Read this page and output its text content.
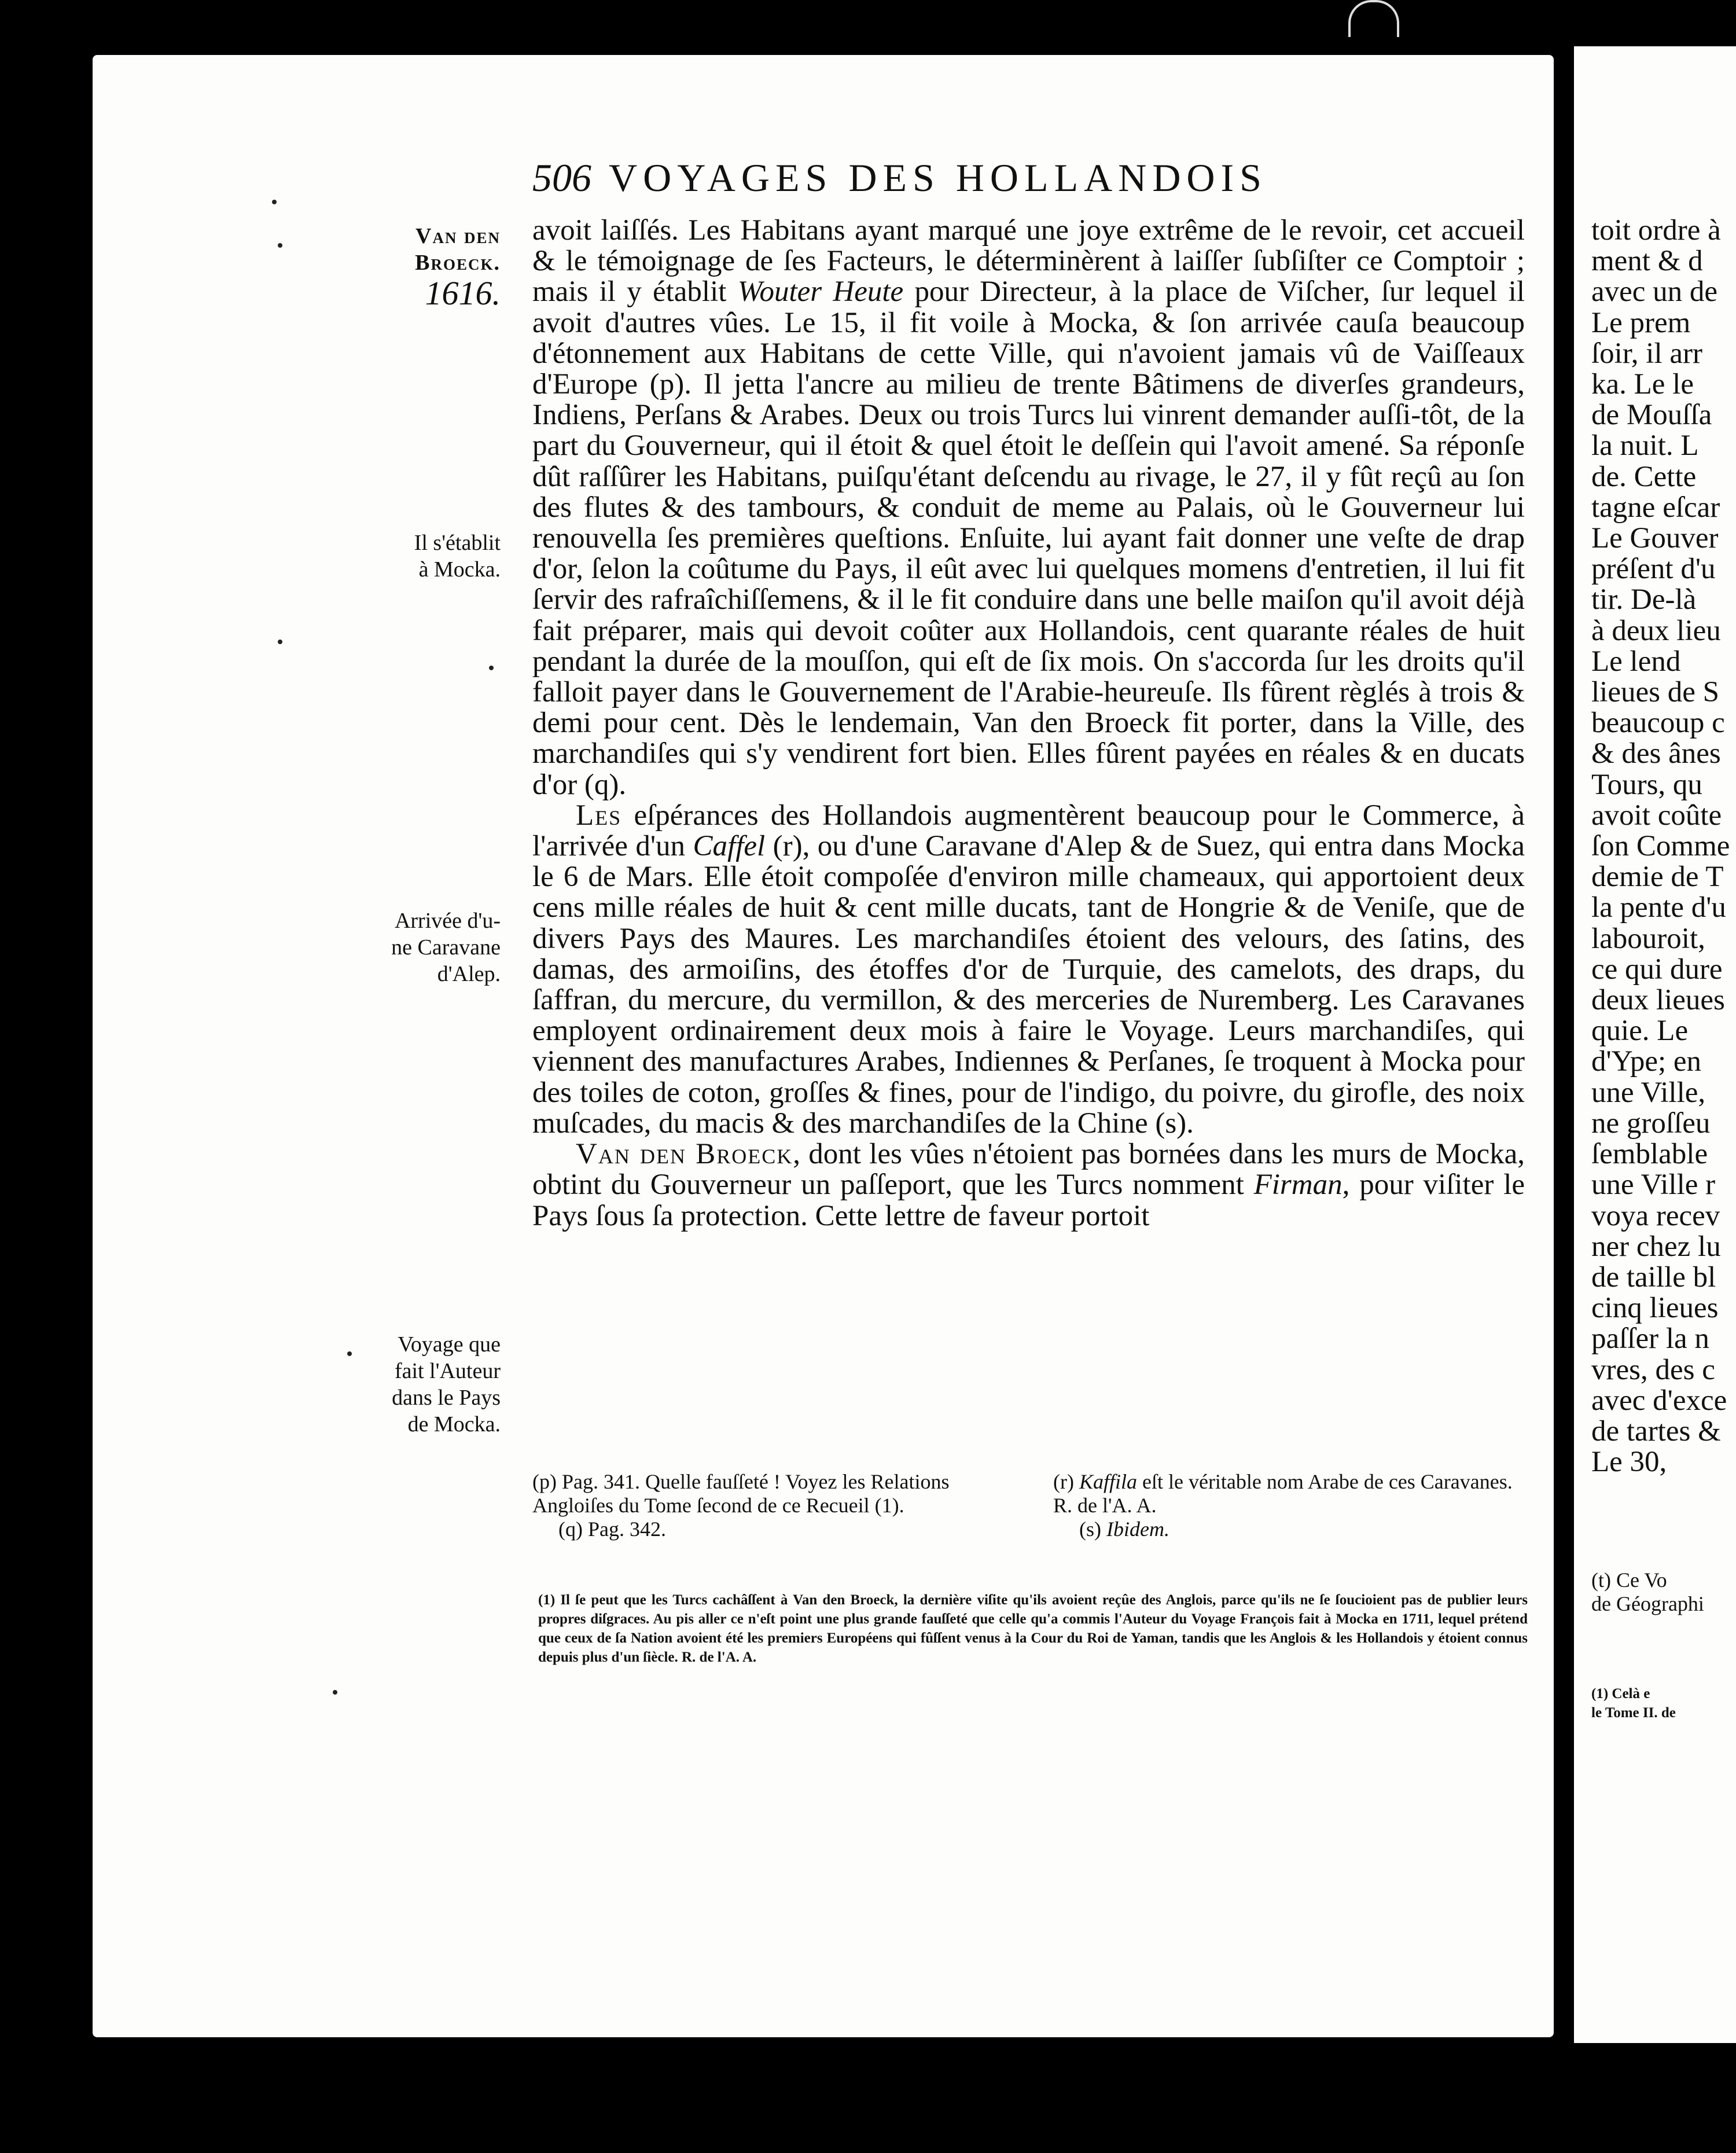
506 VOYAGES DES HOLLANDOIS
Van den
Broeck.
1616.
Il s'établit
à Mocka.
Arrivée d'u-
ne Caravane
d'Alep.
Voyage que
fait l'Auteur
dans le Pays
de Mocka.

avoit laiſſés. Les Habitans ayant marqué une joye extrême de le revoir, cet accueil & le témoignage de ſes Facteurs, le déterminèrent à laiſſer ſubſiſter ce Comptoir ; mais il y établit Wouter Heute pour Directeur, à la place de Viſcher, ſur lequel il avoit d'autres vûes. Le 15, il fit voile à Mocka, & ſon arrivée cauſa beaucoup d'étonnement aux Habitans de cette Ville, qui n'avoient jamais vû de Vaiſſeaux d'Europe (p). Il jetta l'ancre au milieu de trente Bâtimens de diverſes grandeurs, Indiens, Perſans & Arabes. Deux ou trois Turcs lui vinrent demander auſſi-tôt, de la part du Gouverneur, qui il étoit & quel étoit le deſſein qui l'avoit amené. Sa réponſe dût raſſûrer les Habitans, puiſqu'étant deſcendu au rivage, le 27, il y fût reçû au ſon des flutes & des tambours, & conduit de meme au Palais, où le Gouverneur lui renouvella ſes premières queſtions. Enſuite, lui ayant fait donner une veſte de drap d'or, ſelon la coûtume du Pays, il eût avec lui quelques momens d'entretien, il lui fit ſervir des rafraîchiſſemens, & il le fit conduire dans une belle maiſon qu'il avoit déjà fait préparer, mais qui devoit coûter aux Hollandois, cent quarante réales de huit pendant la durée de la mouſſon, qui eſt de ſix mois. On s'accorda ſur les droits qu'il falloit payer dans le Gouvernement de l'Arabie-heureuſe. Ils fûrent règlés à trois & demi pour cent. Dès le lendemain, Van den Broeck fit porter, dans la Ville, des marchandiſes qui s'y vendirent fort bien. Elles fûrent payées en réales & en ducats d'or (q).

Les eſpérances des Hollandois augmentèrent beaucoup pour le Commerce, à l'arrivée d'un Caffel (r), ou d'une Caravane d'Alep & de Suez, qui entra dans Mocka le 6 de Mars. Elle étoit compoſée d'environ mille chameaux, qui apportoient deux cens mille réales de huit & cent mille ducats, tant de Hongrie & de Veniſe, que de divers Pays des Maures. Les marchandiſes étoient des velours, des ſatins, des damas, des armoiſins, des étoffes d'or de Turquie, des camelots, des draps, du ſaffran, du mercure, du vermillon, & des merceries de Nuremberg. Les Caravanes employent ordinairement deux mois à faire le Voyage. Leurs marchandiſes, qui viennent des manufactures Arabes, Indiennes & Perſanes, ſe troquent à Mocka pour des toiles de coton, groſſes & fines, pour de l'indigo, du poivre, du girofle, des noix muſcades, du macis & des marchandiſes de la Chine (s).

Van den Broeck, dont les vûes n'étoient pas bornées dans les murs de Mocka, obtint du Gouverneur un paſſeport, que les Turcs nomment Firman, pour viſiter le Pays ſous ſa protection. Cette lettre de faveur portoit

(p) Pag. 341. Quelle fauſſeté ! Voyez les Relations Angloiſes du Tome ſecond de ce Recueil (1).
(q) Pag. 342.
(r) Kaffila eſt le véritable nom Arabe de ces Caravanes. R. de l'A. A.
(s) Ibidem.
(1) Il ſe peut que les Turcs cachâſſent à Van den Broeck, la dernière viſite qu'ils avoient reçûe des Anglois, parce qu'ils ne ſe ſoucioient pas de publier leurs propres diſgraces. Au pis aller ce n'eſt point une plus grande fauſſeté que celle qu'a commis l'Auteur du Voyage François fait à Mocka en 1711, lequel prétend que ceux de ſa Nation avoient été les premiers Européens qui fûſſent venus à la Cour du Roi de Yaman, tandis que les Anglois & les Hollandois y étoient connus depuis plus d'un ſiècle. R. de l'A. A.
toit ordre à
ment & d
avec un de
Le prem
ſoir, il arr
ka. Le le
de Mouſſa
la nuit. L
de. Cette
tagne eſcar
Le Gouver
préſent d'u
tir. De-là
à deux lieu
Le lend
lieues de S
beaucoup c
& des ânes
Tours, qu
avoit coûte
ſon Comme
demie de T
la pente d'u
labouroit,
ce qui dure
deux lieues
quie. Le
d'Ype; en
une Ville,
ne groſſeu
ſemblable
une Ville r
voya recev
ner chez lu
de taille bl
cinq lieues
paſſer la n
vres, des c
avec d'exce
de tartes &
Le 30,
(t) Ce Vo
de Géographi
(1) Celà e
le Tome II. de
